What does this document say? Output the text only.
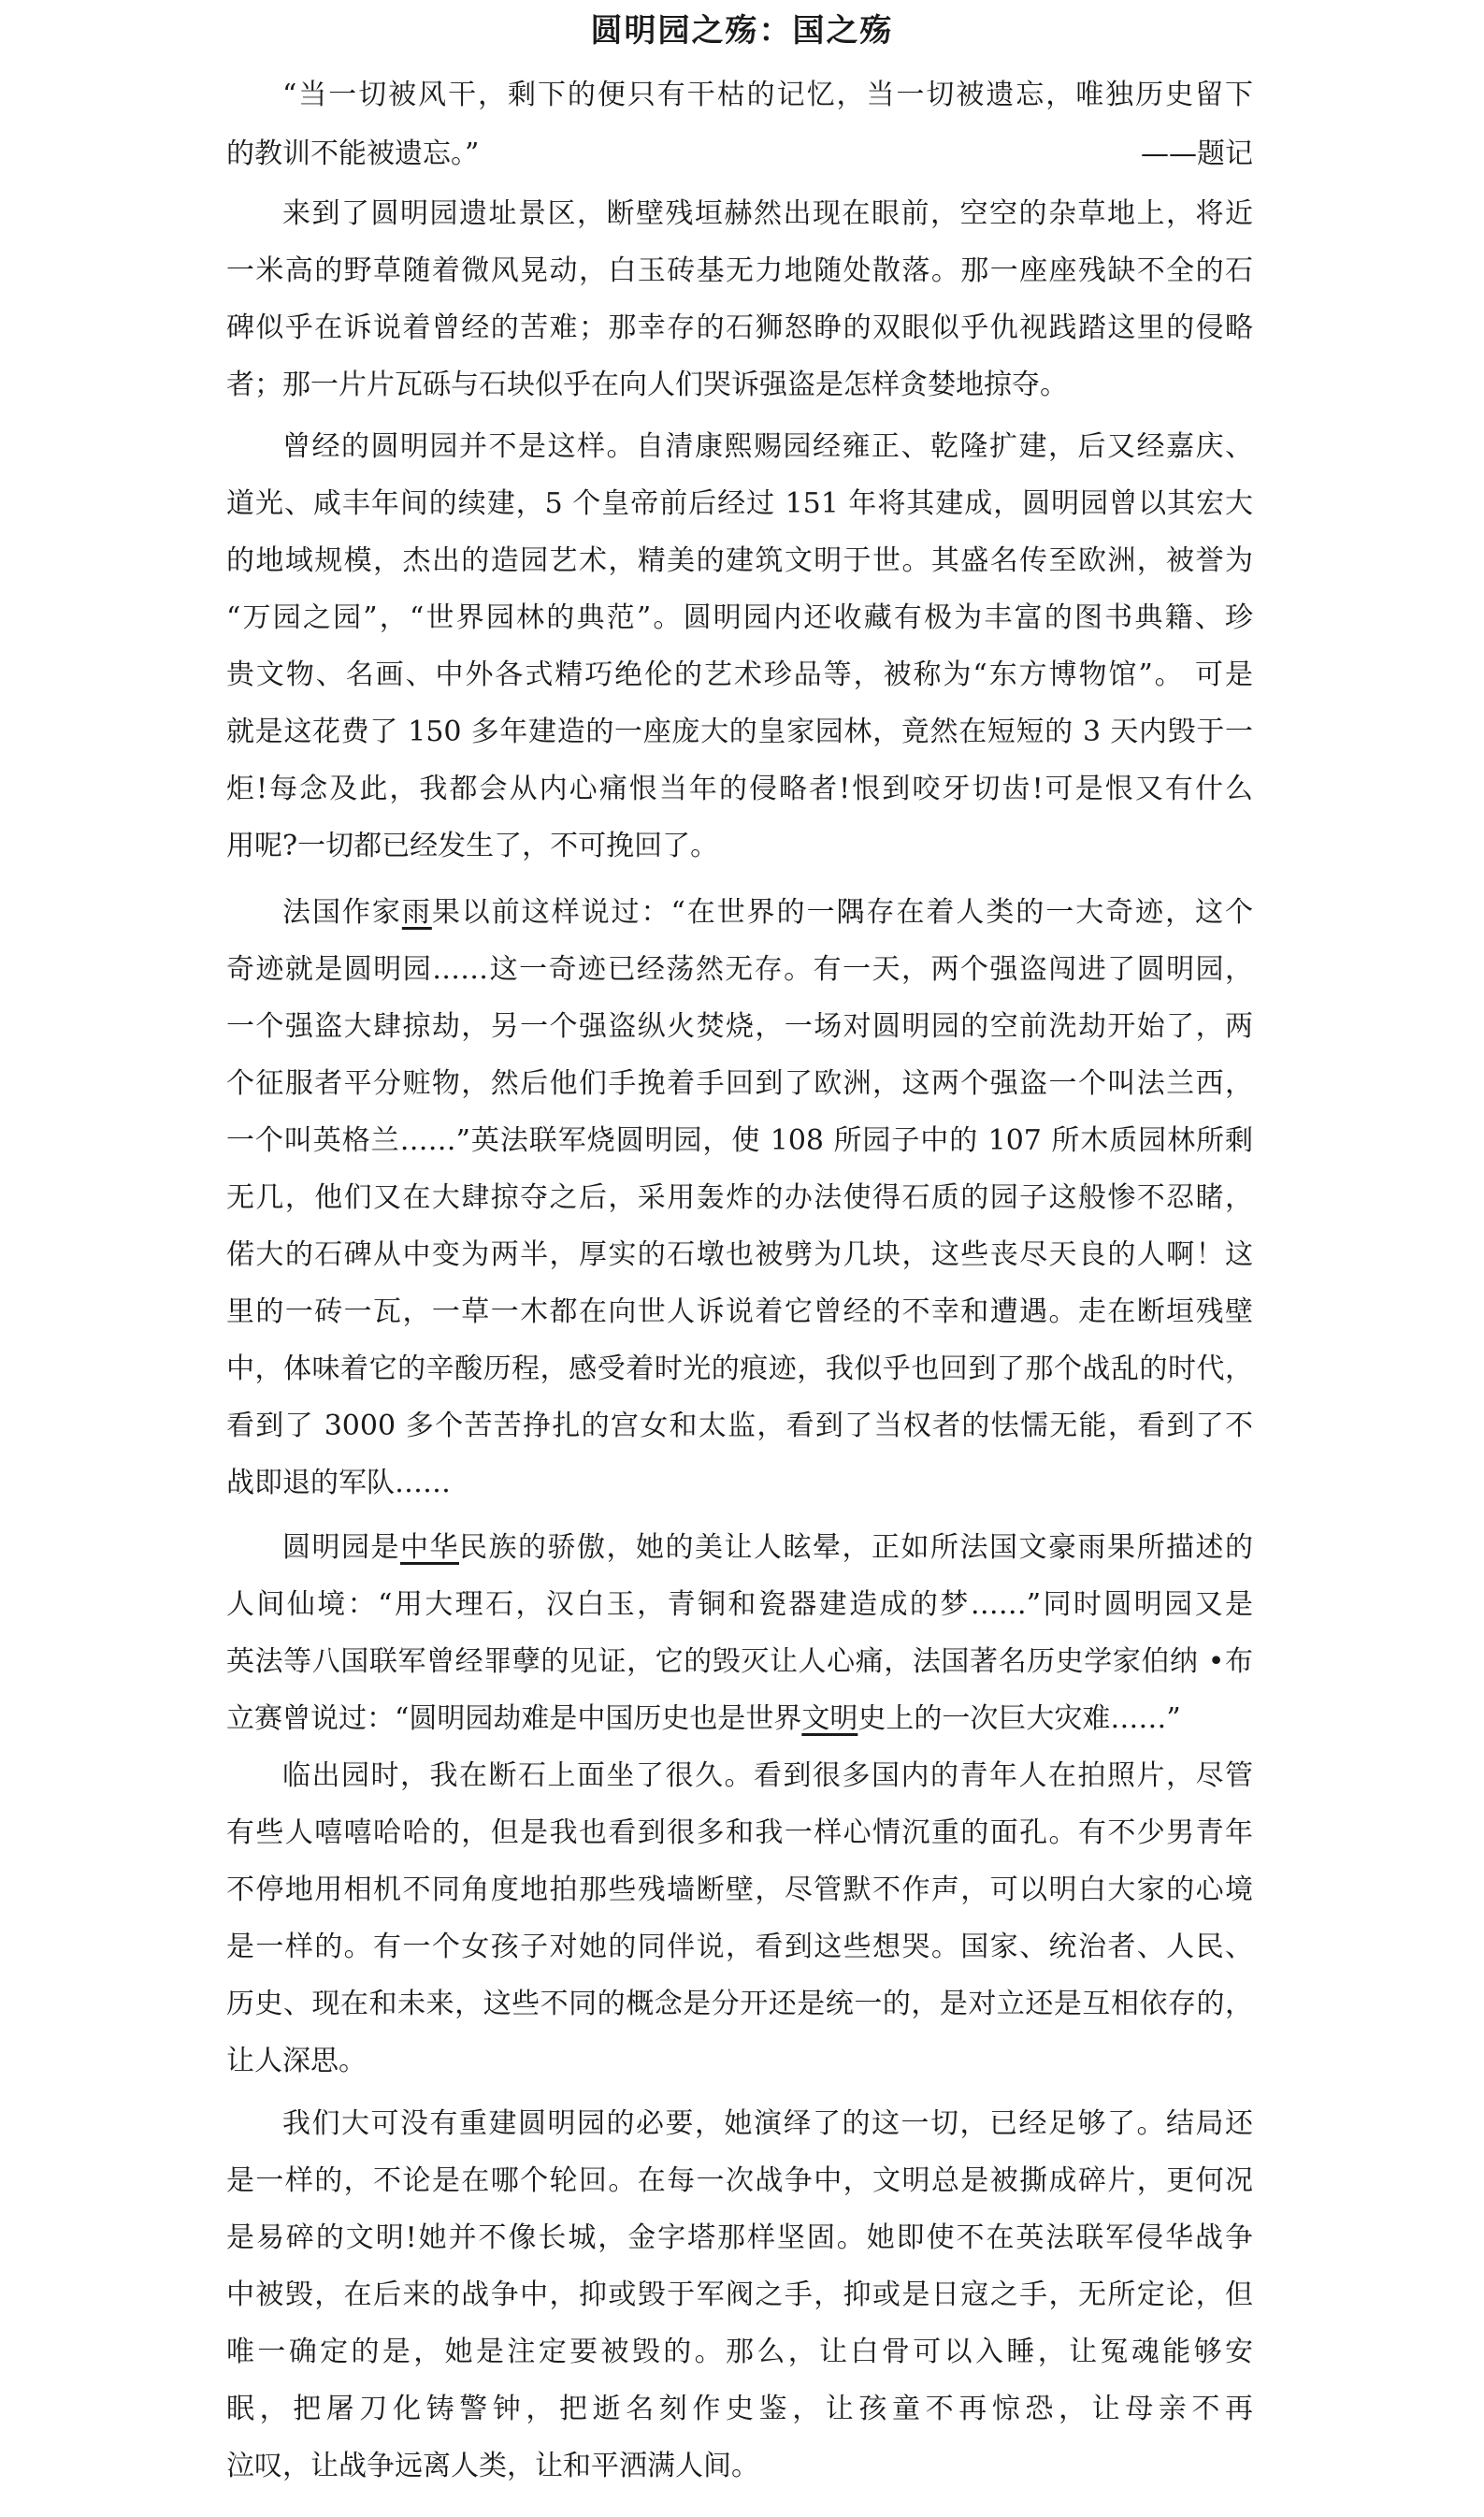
圆明园之殇：国之殇
“当一切被风干，剩下的便只有干枯的记忆，当一切被遗忘，唯独历史留下
的教训不能被遗忘。”	——题记
来到了圆明园遗址景区，断壁残垣赫然出现在眼前，空空的杂草地上，将近
一米高的野草随着微风晃动，白玉砖基无力地随处散落。那一座座残缺不全的石
碑似乎在诉说着曾经的苦难；那幸存的石狮怒睁的双眼似乎仇视践踏这里的侵略
者；那一片片瓦砾与石块似乎在向人们哭诉强盗是怎样贪婪地掠夺。
曾经的圆明园并不是这样。自清康熙赐园经雍正、乾隆扩建，后又经嘉庆、
道光、咸丰年间的续建，5 个皇帝前后经过 151 年将其建成，圆明园曾以其宏大
的地域规模，杰出的造园艺术，精美的建筑文明于世。其盛名传至欧洲，被誉为
“万园之园”，“世界园林的典范”。圆明园内还收藏有极为丰富的图书典籍、珍
贵文物、名画、中外各式精巧绝伦的艺术珍品等，被称为“东方博物馆”。 可是
就是这花费了 150 多年建造的一座庞大的皇家园林，竟然在短短的 3 天内毁于一
炬!每念及此，我都会从内心痛恨当年的侵略者!恨到咬牙切齿!可是恨又有什么
用呢?一切都已经发生了，不可挽回了。
法国作家雨果以前这样说过：“在世界的一隅存在着人类的一大奇迹，这个
奇迹就是圆明园……这一奇迹已经荡然无存。有一天，两个强盗闯进了圆明园，
一个强盗大肆掠劫，另一个强盗纵火焚烧，一场对圆明园的空前洗劫开始了，两
个征服者平分赃物，然后他们手挽着手回到了欧洲，这两个强盗一个叫法兰西，
一个叫英格兰……”英法联军烧圆明园，使 108 所园子中的 107 所木质园林所剩
无几，他们又在大肆掠夺之后，采用轰炸的办法使得石质的园子这般惨不忍睹，
偌大的石碑从中变为两半，厚实的石墩也被劈为几块，这些丧尽天良的人啊！这
里的一砖一瓦，一草一木都在向世人诉说着它曾经的不幸和遭遇。走在断垣残壁
中，体味着它的辛酸历程，感受着时光的痕迹，我似乎也回到了那个战乱的时代，
看到了 3000 多个苦苦挣扎的宫女和太监，看到了当权者的怯懦无能，看到了不
战即退的军队……
圆明园是中华民族的骄傲，她的美让人眩晕，正如所法国文豪雨果所描述的
人间仙境：“用大理石，汉白玉，青铜和瓷器建造成的梦……”同时圆明园又是
英法等八国联军曾经罪孽的见证，它的毁灭让人心痛，法国著名历史学家伯纳 •布
立赛曾说过：“圆明园劫难是中国历史也是世界文明史上的一次巨大灾难……”
临出园时，我在断石上面坐了很久。看到很多国内的青年人在拍照片，尽管
有些人嘻嘻哈哈的，但是我也看到很多和我一样心情沉重的面孔。有不少男青年
不停地用相机不同角度地拍那些残墙断壁，尽管默不作声，可以明白大家的心境
是一样的。有一个女孩子对她的同伴说，看到这些想哭。国家、统治者、人民、
历史、现在和未来，这些不同的概念是分开还是统一的，是对立还是互相依存的，
让人深思。
我们大可没有重建圆明园的必要，她演绎了的这一切，已经足够了。结局还
是一样的，不论是在哪个轮回。在每一次战争中，文明总是被撕成碎片，更何况
是易碎的文明!她并不像长城，金字塔那样坚固。她即使不在英法联军侵华战争
中被毁，在后来的战争中，抑或毁于军阀之手，抑或是日寇之手，无所定论，但
唯一确定的是，她是注定要被毁的。那么，让白骨可以入睡，让冤魂能够安
眠，把屠刀化铸警钟，把逝名刻作史鉴，让孩童不再惊恐，让母亲不再
泣叹，让战争远离人类，让和平洒满人间。
